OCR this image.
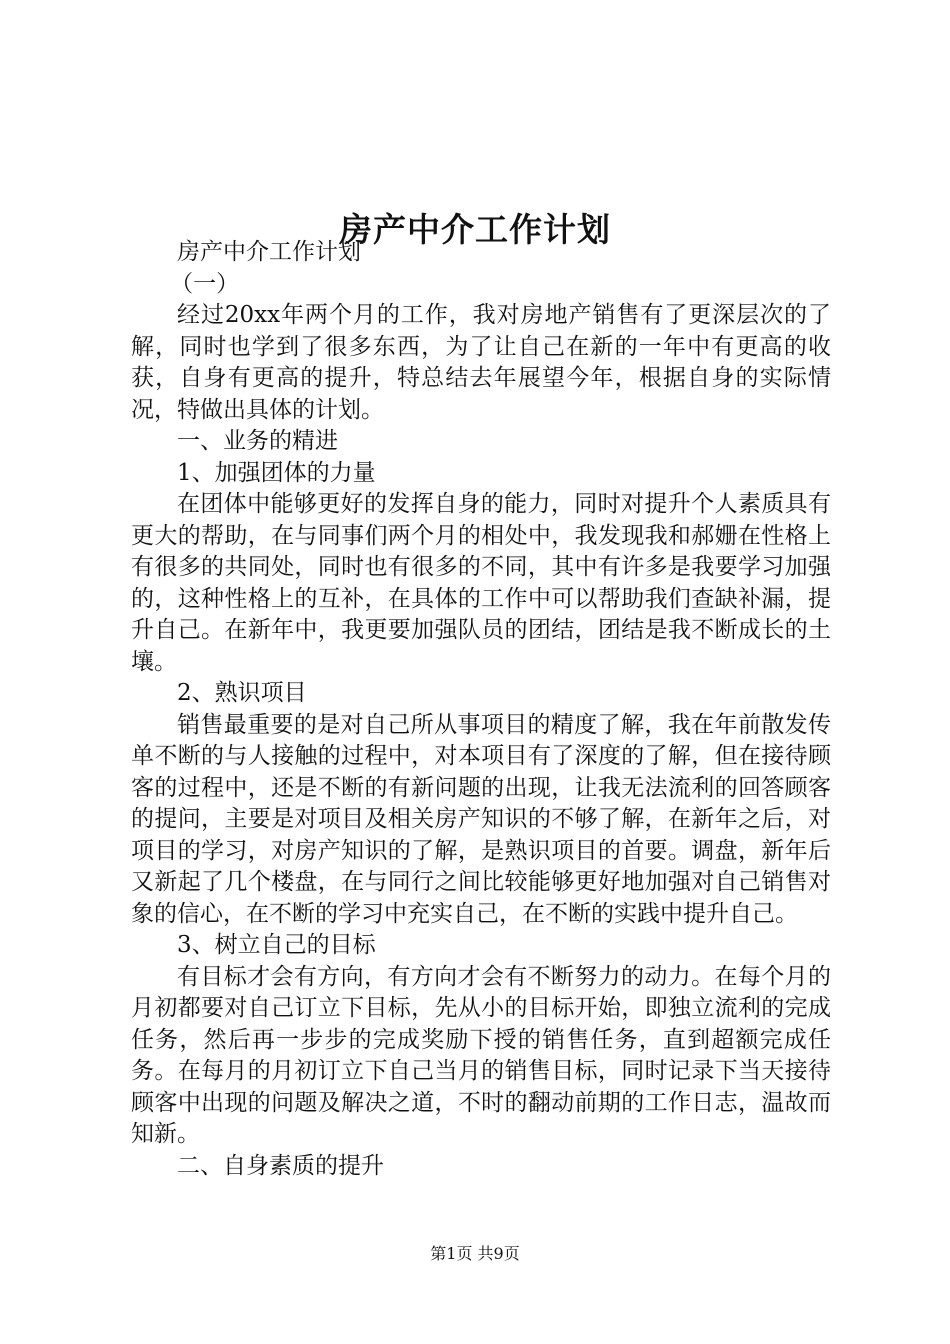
房产中介工作计划

房产中介工作计划

（一）

经过20xx年两个月的工作，我对房地产销售有了更深层次的了解，同时也学到了很多东西，为了让自己在新的一年中有更高的收获，自身有更高的提升，特总结去年展望今年，根据自身的实际情况，特做出具体的计划。

一、业务的精进

1、加强团体的力量

在团体中能够更好的发挥自身的能力，同时对提升个人素质具有更大的帮助，在与同事们两个月的相处中，我发现我和郝姗在性格上有很多的共同处，同时也有很多的不同，其中有许多是我要学习加强的，这种性格上的互补，在具体的工作中可以帮助我们查缺补漏，提升自己。在新年中，我更要加强队员的团结，团结是我不断成长的土壤。

2、熟识项目

销售最重要的是对自己所从事项目的精度了解，我在年前散发传单不断的与人接触的过程中，对本项目有了深度的了解，但在接待顾客的过程中，还是不断的有新问题的出现，让我无法流利的回答顾客的提问，主要是对项目及相关房产知识的不够了解，在新年之后，对项目的学习，对房产知识的了解，是熟识项目的首要。调盘，新年后又新起了几个楼盘，在与同行之间比较能够更好地加强对自己销售对象的信心，在不断的学习中充实自己，在不断的实践中提升自己。

3、树立自己的目标

有目标才会有方向，有方向才会有不断努力的动力。在每个月的月初都要对自己订立下目标，先从小的目标开始，即独立流利的完成任务，然后再一步步的完成奖励下授的销售任务，直到超额完成任务。在每月的月初订立下自己当月的销售目标，同时记录下当天接待顾客中出现的问题及解决之道，不时的翻动前期的工作日志，温故而知新。

二、自身素质的提升

第1页 共9页
